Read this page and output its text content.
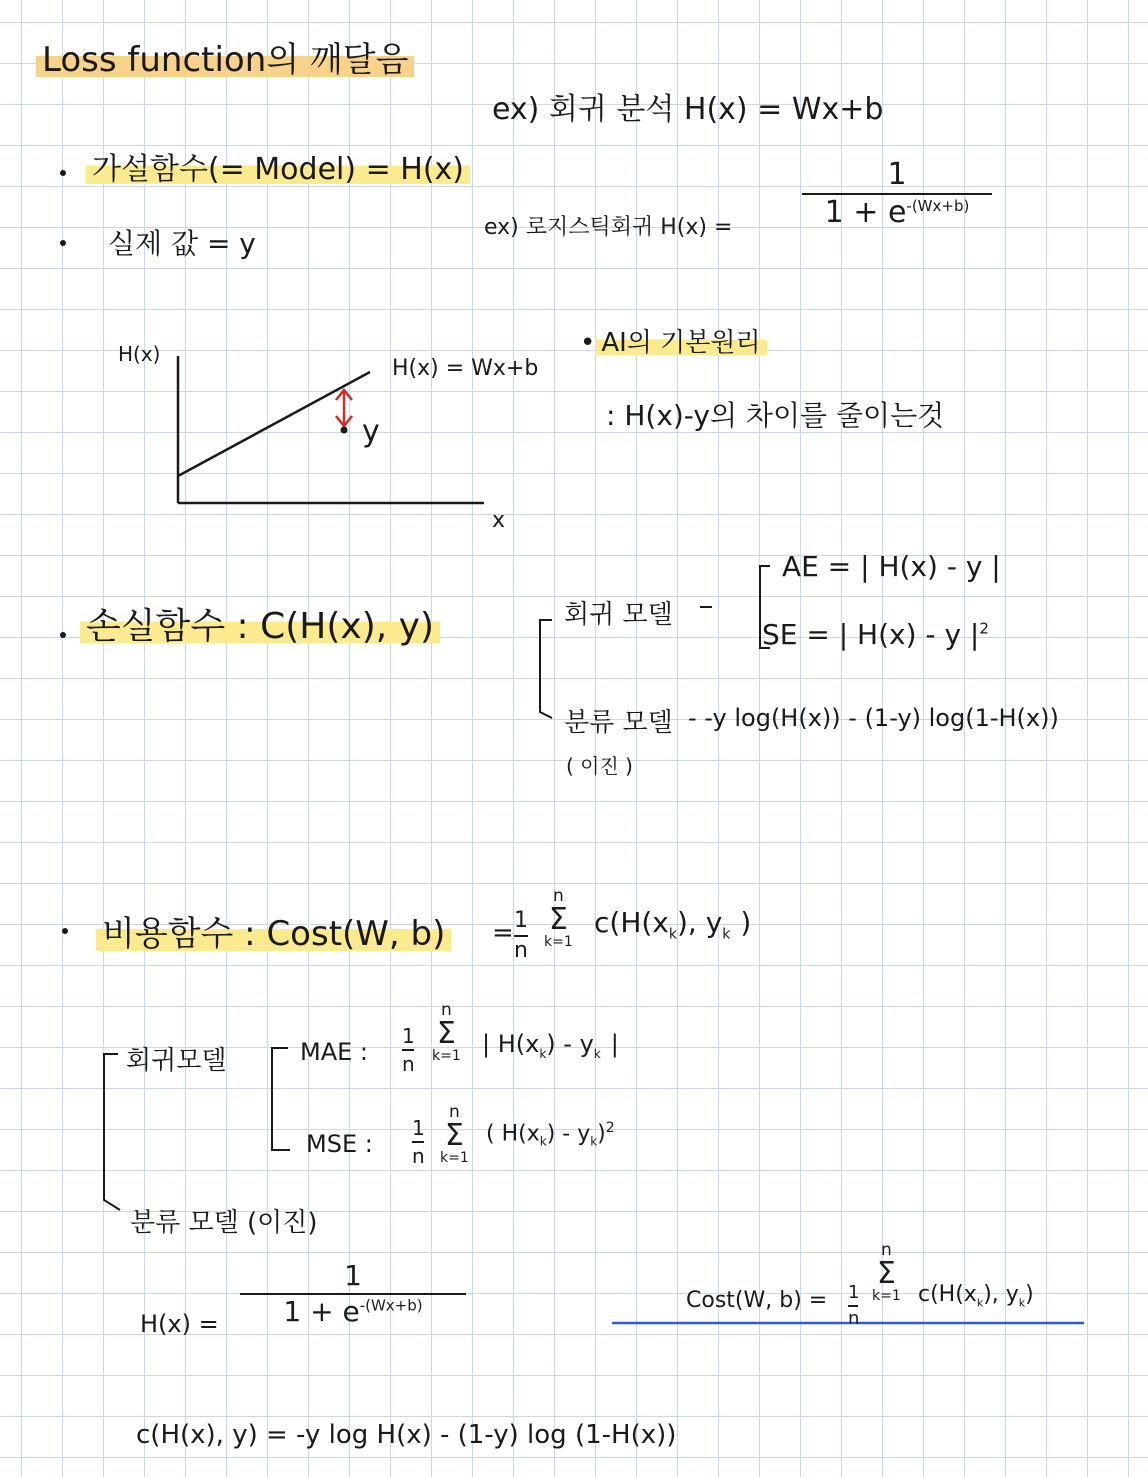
Loss function의 깨달음
ex) 회귀 분석 H(x) = Wx+b
ex) 로지스틱회귀 H(x) =
1
$1 + e^{-(Wx+b)}$
가설함수(= Model) = H(x)
실제 값 = y
H(x)
x
H(x) = Wx+b
y
• AI의 기본원리
: H(x)-y의 차이를 줄이는것
손실함수 : C(H(x), y)	회귀 모델
AE = | H(x) - y |
SE = | H(x) - y $|^2$
분류 모델
( 이진 )
- -y log(H(x)) - (1-y) log(1-H(x))
비용함수 : Cost(W, b) = 1
n
n
Σ
k=1
$c(H(x_k)$, $y_k$ )
회귀모델	MAE :
1
n
n
Σ
k=1 | $H(x_k) - y_k$ |
MSE :
1
n
n
Σ
k=1
( $H(x_k) - y_k)^2$
분류 모델 (이진)
H(x) =
1
$1 + e^{-(Wx+b)}$	Cost(W, b) = 1
n
n
Σ
k=1 $c(H(x_k)$, $y_k$)
c(H(x), y) = -y log H(x) - (1-y) log (1-H(x))
